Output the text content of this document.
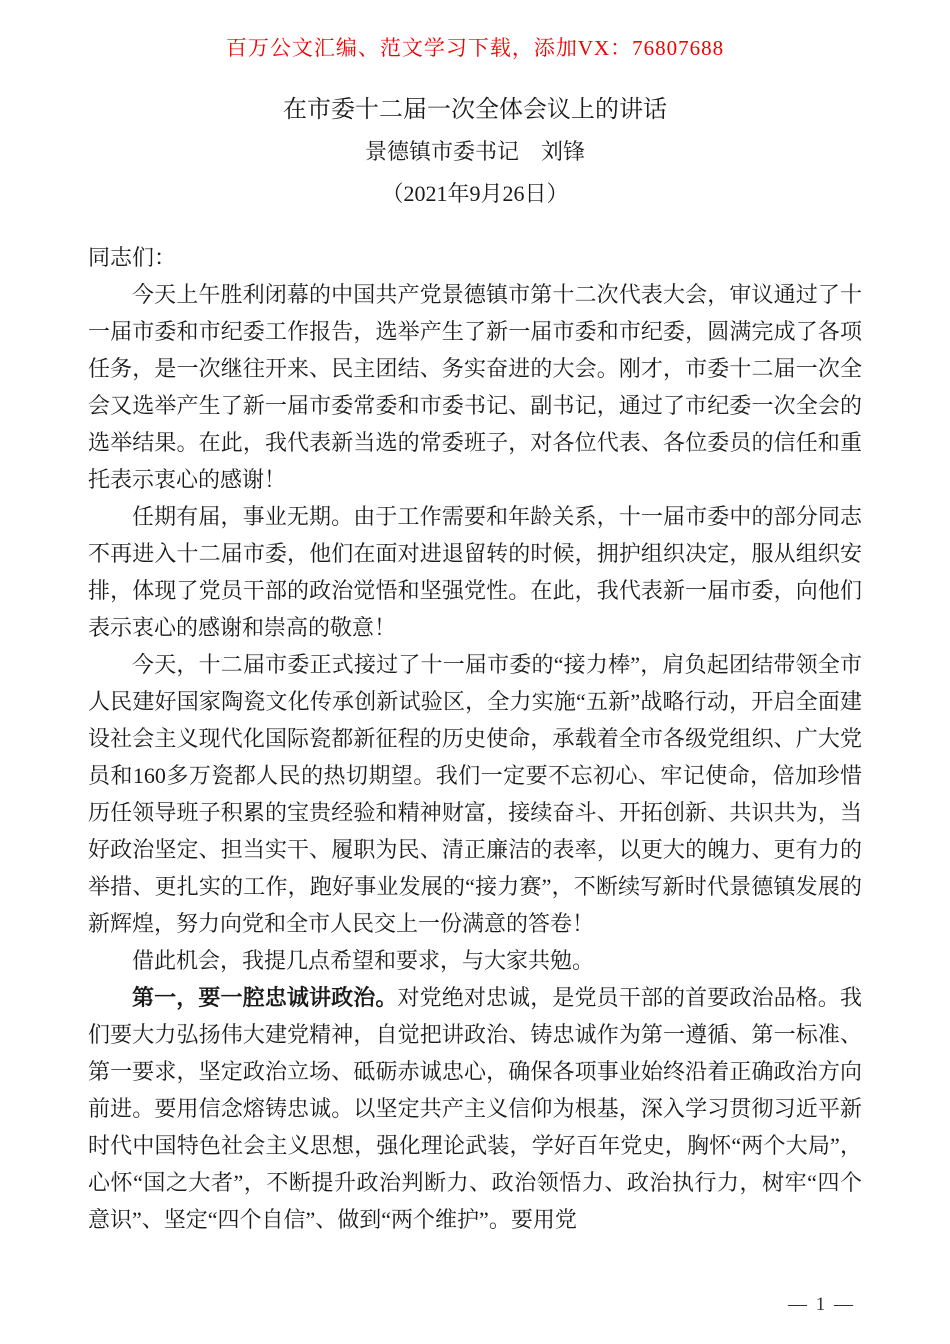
百万公文汇编、范文学习下载，添加VX：76807688
在市委十二届一次全体会议上的讲话
景德镇市委书记　刘锋
（2021年9月26日）

同志们：

今天上午胜利闭幕的中国共产党景德镇市第十二次代表大会，审议通过了十一届市委和市纪委工作报告，选举产生了新一届市委和市纪委，圆满完成了各项任务，是一次继往开来、民主团结、务实奋进的大会。刚才，市委十二届一次全会又选举产生了新一届市委常委和市委书记、副书记，通过了市纪委一次全会的选举结果。在此，我代表新当选的常委班子，对各位代表、各位委员的信任和重托表示衷心的感谢！

任期有届，事业无期。由于工作需要和年龄关系，十一届市委中的部分同志不再进入十二届市委，他们在面对进退留转的时候，拥护组织决定，服从组织安排，体现了党员干部的政治觉悟和坚强党性。在此，我代表新一届市委，向他们表示衷心的感谢和崇高的敬意！

今天，十二届市委正式接过了十一届市委的“接力棒”，肩负起团结带领全市人民建好国家陶瓷文化传承创新试验区，全力实施“五新”战略行动，开启全面建设社会主义现代化国际瓷都新征程的历史使命，承载着全市各级党组织、广大党员和160多万瓷都人民的热切期望。我们一定要不忘初心、牢记使命，倍加珍惜历任领导班子积累的宝贵经验和精神财富，接续奋斗、开拓创新、共识共为，当好政治坚定、担当实干、履职为民、清正廉洁的表率，以更大的魄力、更有力的举措、更扎实的工作，跑好事业发展的“接力赛”，不断续写新时代景德镇发展的新辉煌，努力向党和全市人民交上一份满意的答卷！

借此机会，我提几点希望和要求，与大家共勉。

第一，要一腔忠诚讲政治。对党绝对忠诚，是党员干部的首要政治品格。我们要大力弘扬伟大建党精神，自觉把讲政治、铸忠诚作为第一遵循、第一标准、第一要求，坚定政治立场、砥砺赤诚忠心，确保各项事业始终沿着正确政治方向前进。要用信念熔铸忠诚。以坚定共产主义信仰为根基，深入学习贯彻习近平新时代中国特色社会主义思想，强化理论武装，学好百年党史，胸怀“两个大局”，心怀“国之大者”，不断提升政治判断力、政治领悟力、政治执行力，树牢“四个意识”、坚定“四个自信”、做到“两个维护”。要用党

— 1 —
